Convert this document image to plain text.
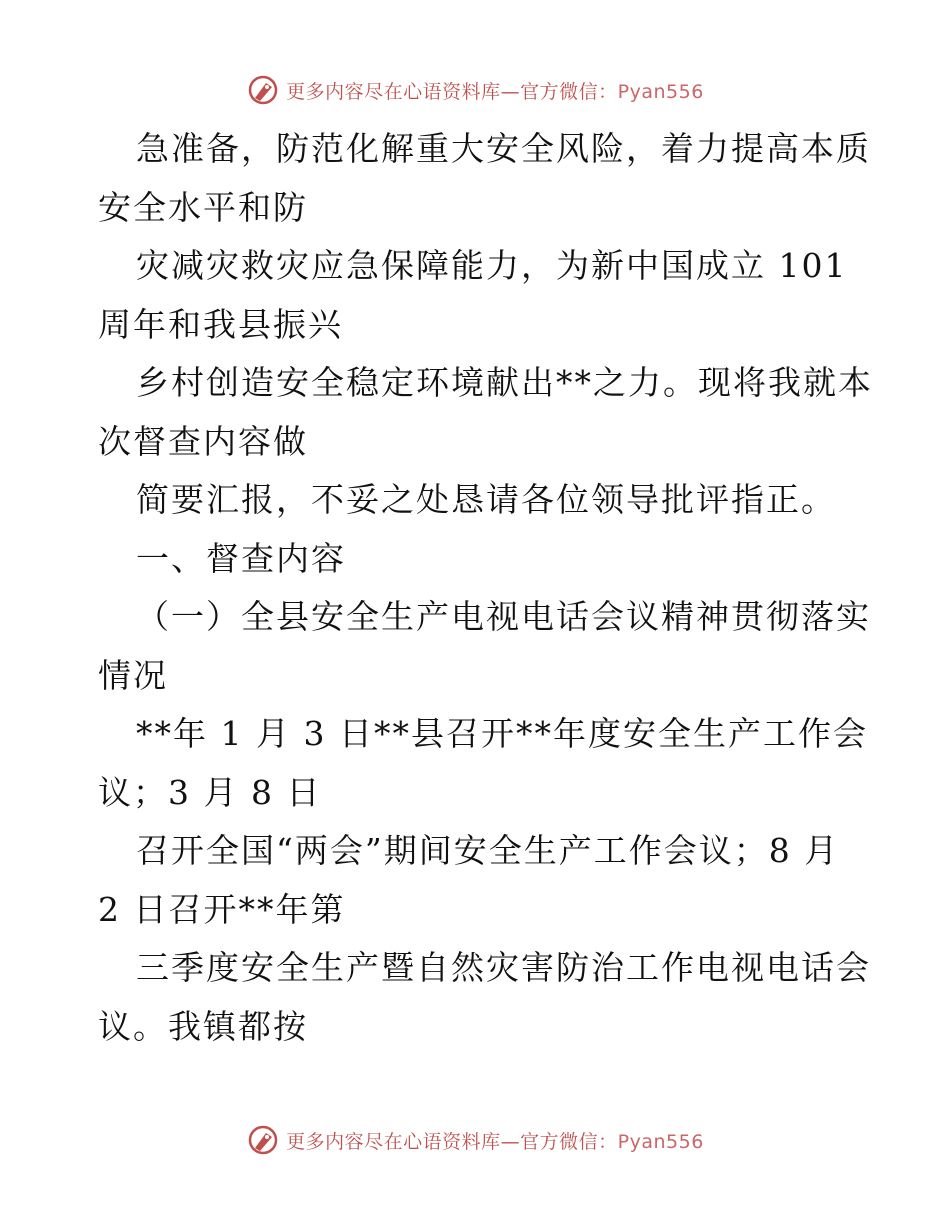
更多内容尽在心语资料库—官方微信：Pyan556
急准备，防范化解重大安全风险，着力提高本质
安全水平和防
灾减灾救灾应急保障能力，为新中国成立 101
周年和我县振兴
乡村创造安全稳定环境献出**之力。现将我就本
次督查内容做
简要汇报，不妥之处恳请各位领导批评指正。
一、督查内容
（一）全县安全生产电视电话会议精神贯彻落实
情况
**年 1 月 3 日**县召开**年度安全生产工作会
议；3 月 8 日
召开全国“两会”期间安全生产工作会议；8 月
2 日召开**年第
三季度安全生产暨自然灾害防治工作电视电话会
议。我镇都按
更多内容尽在心语资料库—官方微信：Pyan556
